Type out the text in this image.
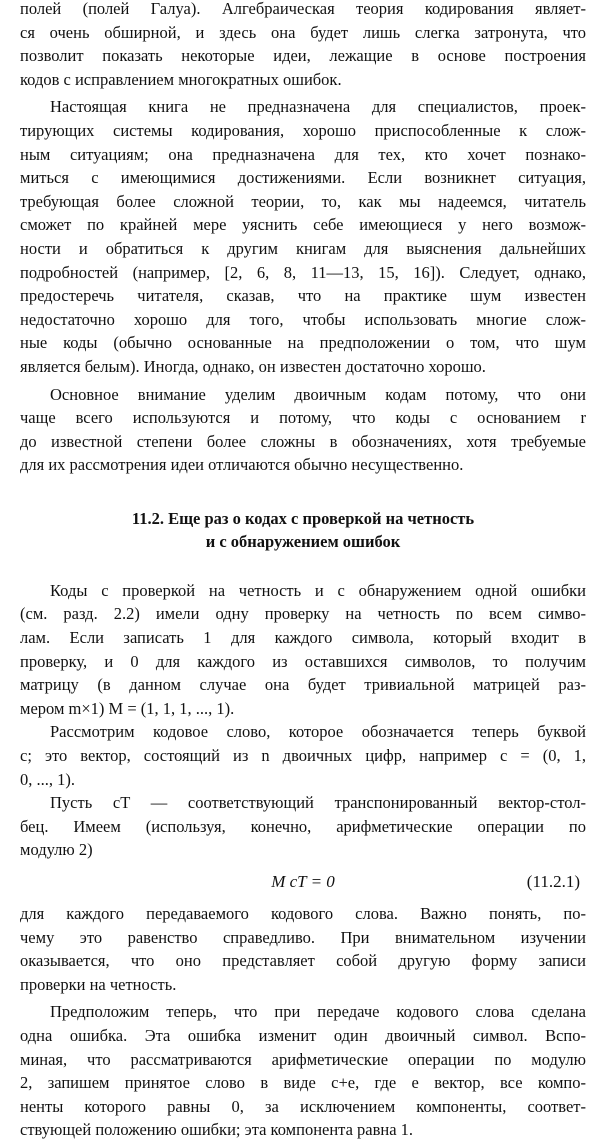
полей (полей Галуа). Алгебраическая теория кодирования являет-
ся очень обширной, и здесь она будет лишь слегка затронута, что
позволит показать некоторые идеи, лежащие в основе построения
кодов с исправлением многократных ошибок.

Настоящая книга не предназначена для специалистов, проек-
тирующих системы кодирования, хорошо приспособленные к слож-
ным ситуациям; она предназначена для тех, кто хочет познако-
миться с имеющимися достижениями. Если возникнет ситуация,
требующая более сложной теории, то, как мы надеемся, читатель
сможет по крайней мере уяснить себе имеющиеся у него возмож-
ности и обратиться к другим книгам для выяснения дальнейших
подробностей (например, [2, 6, 8, 11—13, 15, 16]). Следует, однако,
предостеречь читателя, сказав, что на практике шум известен
недостаточно хорошо для того, чтобы использовать многие слож-
ные коды (обычно основанные на предположении о том, что шум
является белым). Иногда, однако, он известен достаточно хорошо.

Основное внимание уделим двоичным кодам потому, что они
чаще всего используются и потому, что коды с основанием r
до известной степени более сложны в обозначениях, хотя требуемые
для их рассмотрения идеи отличаются обычно несущественно.

11.2. Еще раз о кодах с проверкой на четность
и с обнаружением ошибок

Коды с проверкой на четность и с обнаружением одной ошибки
(см. разд. 2.2) имели одну проверку на четность по всем симво-
лам. Если записать 1 для каждого символа, который входит в
проверку, и 0 для каждого из оставшихся символов, то получим
матрицу (в данном случае она будет тривиальной матрицей раз-
мером m×1) M = (1, 1, 1, ..., 1).

Рассмотрим кодовое слово, которое обозначается теперь буквой
c; это вектор, состоящий из n двоичных цифр, например c = (0, 1,
0, ..., 1).

Пусть cT — соответствующий транспонированный вектор-стол-
бец. Имеем (используя, конечно, арифметические операции по
модулю 2)

M cT = 0	(11.2.1)

для каждого передаваемого кодового слова. Важно понять, по-
чему это равенство справедливо. При внимательном изучении
оказывается, что оно представляет собой другую форму записи
проверки на четность.

Предположим теперь, что при передаче кодового слова сделана
одна ошибка. Эта ошибка изменит один двоичный символ. Вспо-
миная, что рассматриваются арифметические операции по модулю
2, запишем принятое слово в виде c+e, где e вектор, все компо-
ненты которого равны 0, за исключением компоненты, соответ-
ствующей положению ошибки; эта компонента равна 1.
